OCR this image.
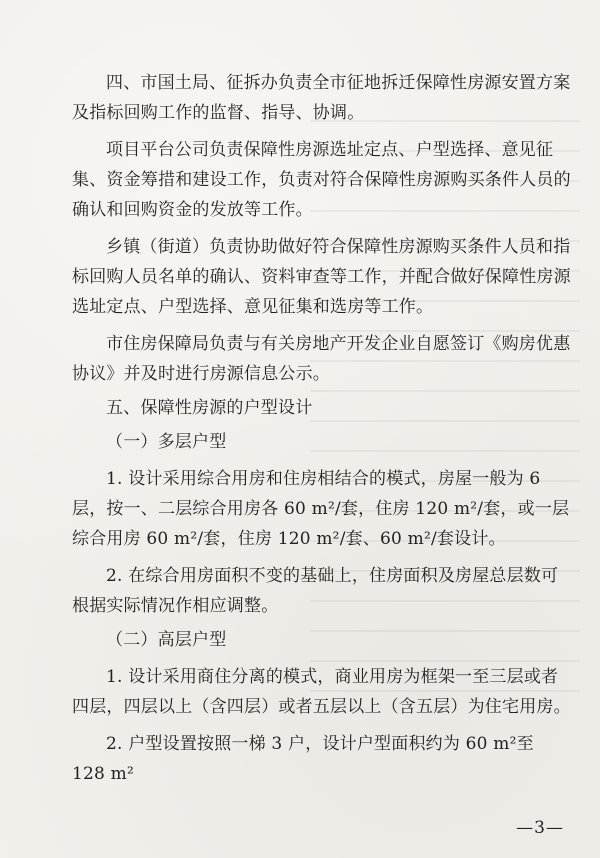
四、市国土局、征拆办负责全市征地拆迁保障性房源安置方案及指标回购工作的监督、指导、协调。

项目平台公司负责保障性房源选址定点、户型选择、意见征集、资金筹措和建设工作，负责对符合保障性房源购买条件人员的确认和回购资金的发放等工作。

乡镇（街道）负责协助做好符合保障性房源购买条件人员和指标回购人员名单的确认、资料审查等工作，并配合做好保障性房源选址定点、户型选择、意见征集和选房等工作。

市住房保障局负责与有关房地产开发企业自愿签订《购房优惠协议》并及时进行房源信息公示。

五、保障性房源的户型设计

（一）多层户型

1. 设计采用综合用房和住房相结合的模式，房屋一般为 6 层，按一、二层综合用房各 60 m²/套，住房 120 m²/套，或一层综合用房 60 m²/套，住房 120 m²/套、60 m²/套设计。

2. 在综合用房面积不变的基础上，住房面积及房屋总层数可根据实际情况作相应调整。

（二）高层户型

1. 设计采用商住分离的模式，商业用房为框架一至三层或者四层，四层以上（含四层）或者五层以上（含五层）为住宅用房。

2. 户型设置按照一梯 3 户，设计户型面积约为 60 m²至 128 m²

—3—
